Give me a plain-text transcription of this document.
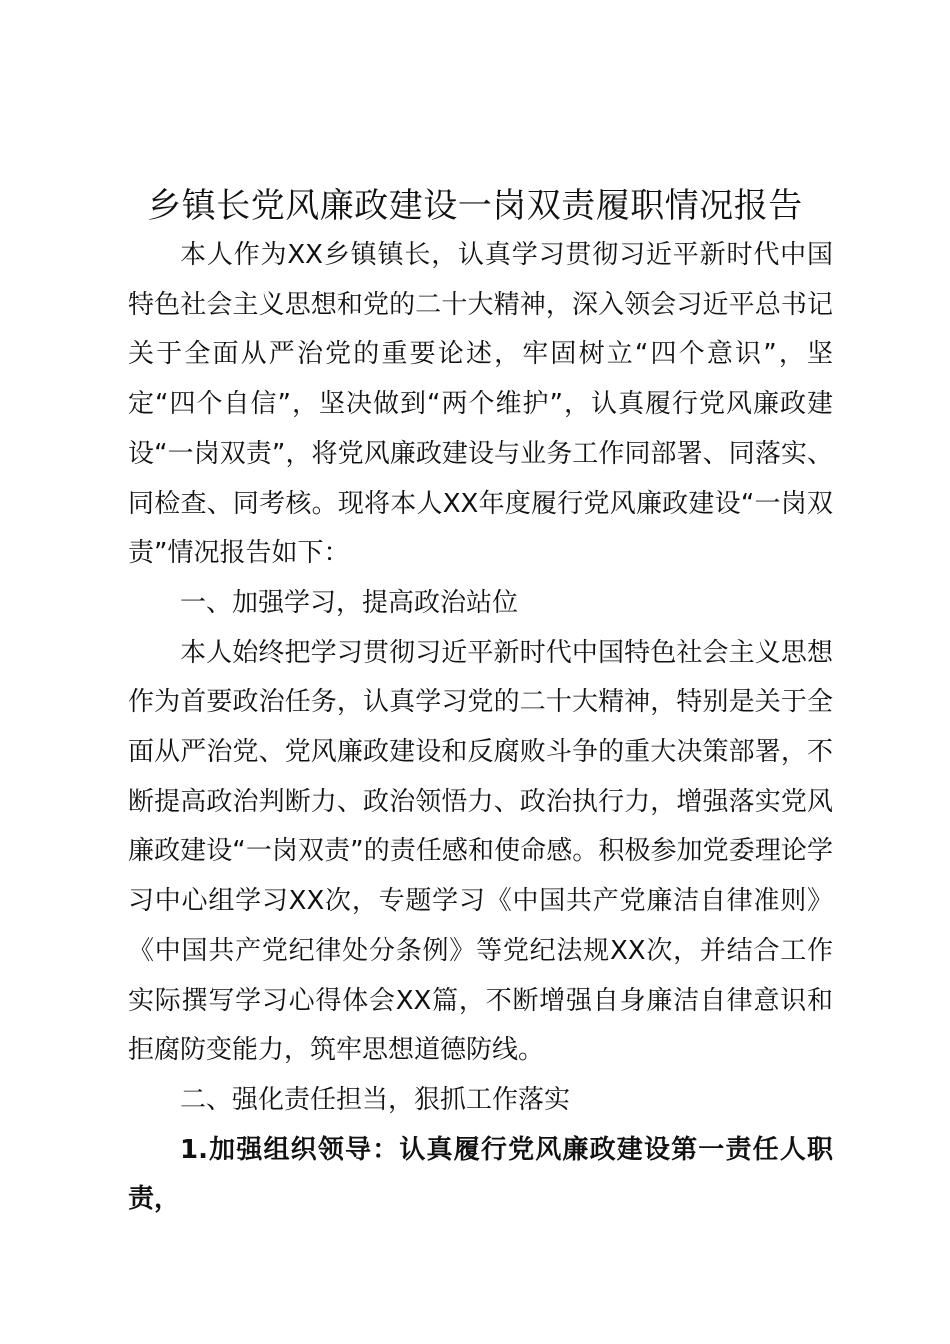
乡镇长党风廉政建设一岗双责履职情况报告

本人作为XX乡镇镇长，认真学习贯彻习近平新时代中国特色社会主义思想和党的二十大精神，深入领会习近平总书记关于全面从严治党的重要论述，牢固树立“四个意识”，坚定“四个自信”，坚决做到“两个维护”，认真履行党风廉政建设“一岗双责”，将党风廉政建设与业务工作同部署、同落实、同检查、同考核。现将本人XX年度履行党风廉政建设“一岗双责”情况报告如下：

一、加强学习，提高政治站位

本人始终把学习贯彻习近平新时代中国特色社会主义思想作为首要政治任务，认真学习党的二十大精神，特别是关于全面从严治党、党风廉政建设和反腐败斗争的重大决策部署，不断提高政治判断力、政治领悟力、政治执行力，增强落实党风廉政建设“一岗双责”的责任感和使命感。积极参加党委理论学习中心组学习XX次，专题学习《中国共产党廉洁自律准则》《中国共产党纪律处分条例》等党纪法规XX次，并结合工作实际撰写学习心得体会XX篇，不断增强自身廉洁自律意识和拒腐防变能力，筑牢思想道德防线。

二、强化责任担当，狠抓工作落实

1.加强组织领导：认真履行党风廉政建设第一责任人职责，
